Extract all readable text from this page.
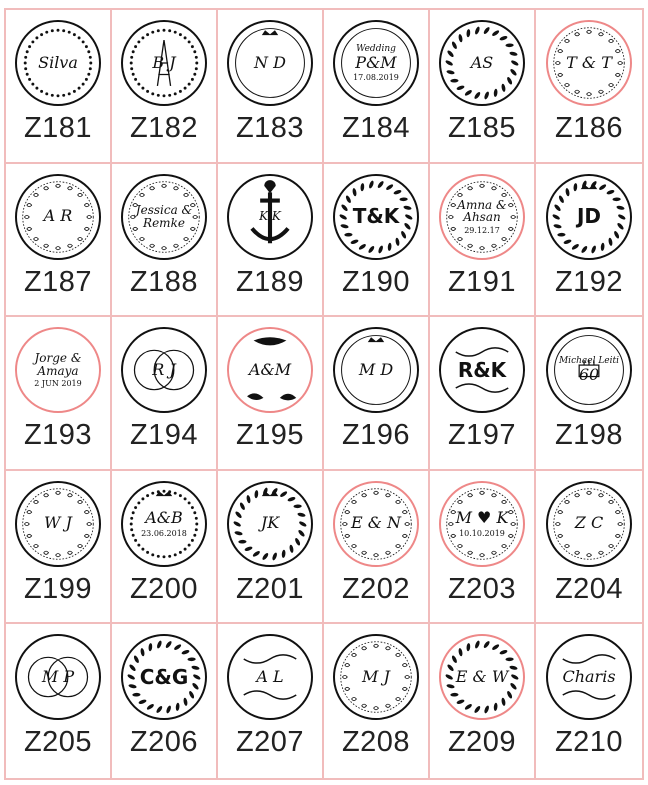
Silva
Z181
B J
Z182
N D
Z183
Wedding
P&M
17.08.2019
Z184
AS
Z185
T & T
Z186
A R
Z187
Jessica & Remke
Z188
K K
Z189
T&K
Z190
Amna & Ahsan
29.12.17
Z191
JD
Z192
Jorge & Amaya
2 JUN 2019
Z193
R J
Z194
A&M
Z195
M D
Z196
R&K
Z197
Michael Leiti
60
Z198
W J
Z199
A&B
23.06.2018
Z200
JK
Z201
E & N
Z202
M ♥ K
10.10.2019
Z203
Z C
Z204
M P
Z205
C&G
Z206
A L
Z207
M J
Z208
E & W
Z209
Charis
Z210
